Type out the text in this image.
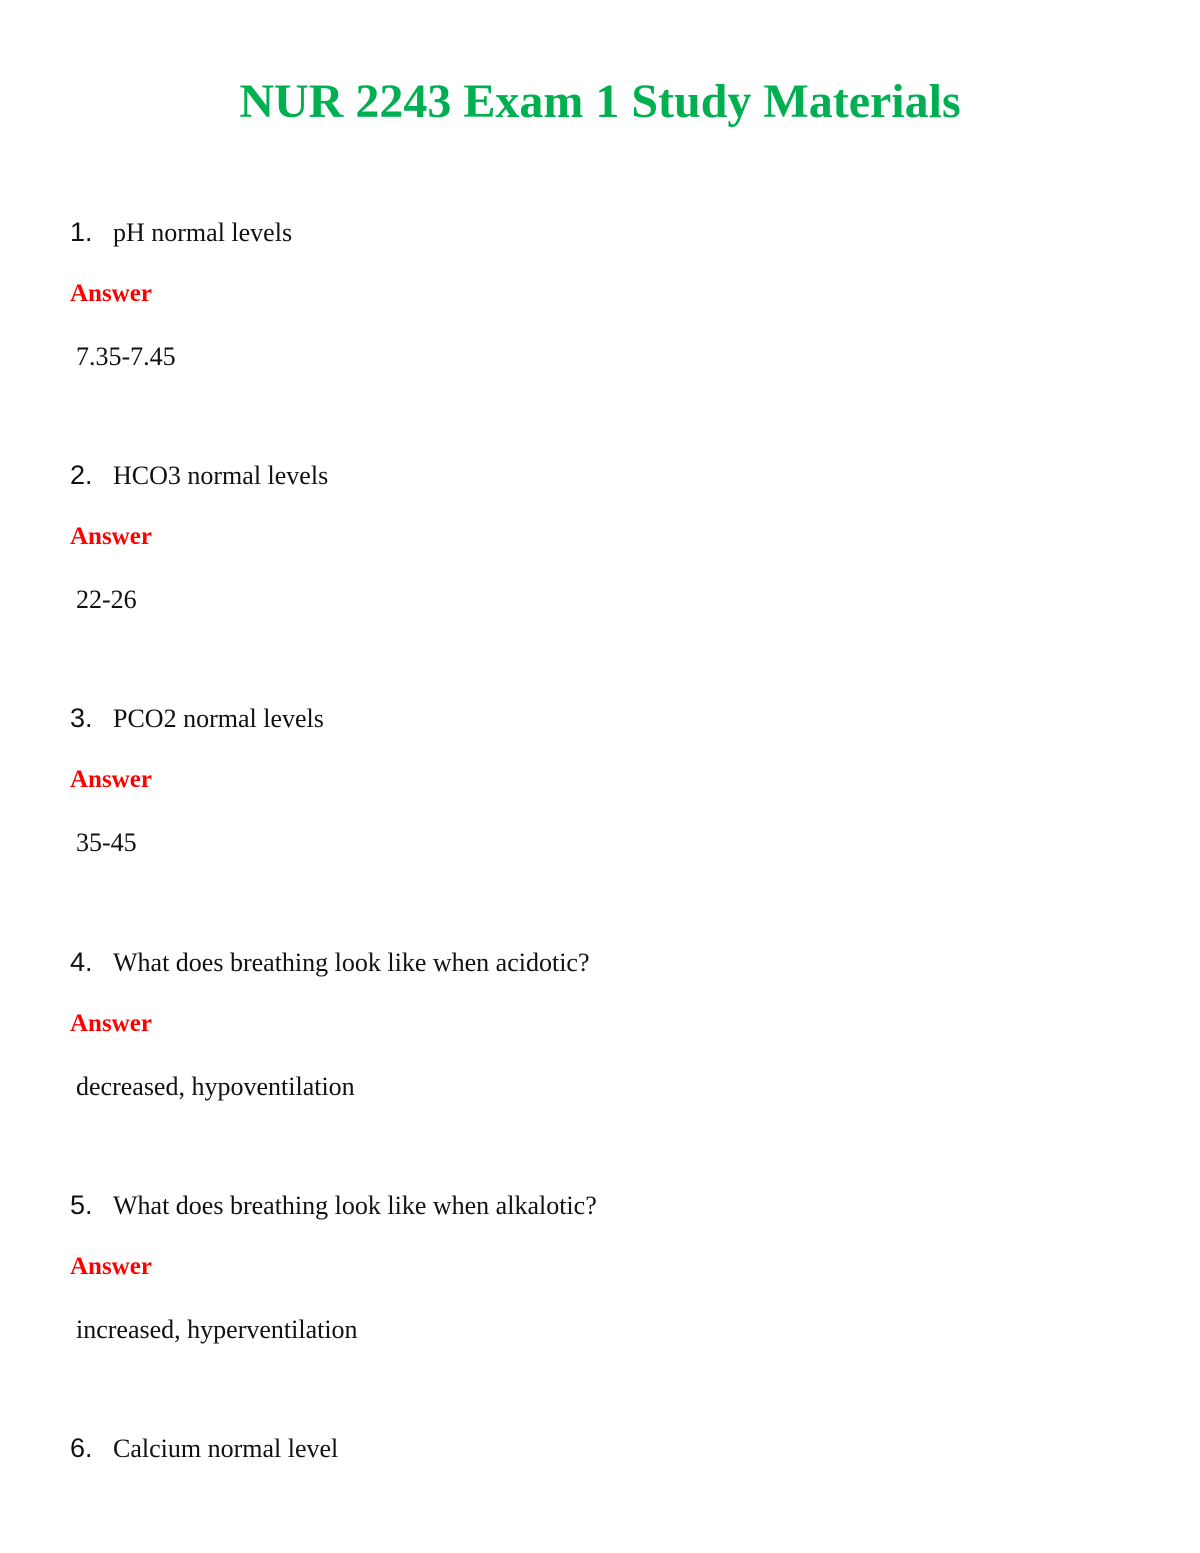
NUR 2243 Exam 1 Study Materials
1. pH normal levels
Answer
7.35-7.45
2. HCO3 normal levels
Answer
22-26
3. PCO2 normal levels
Answer
35-45
4. What does breathing look like when acidotic?
Answer
decreased, hypoventilation
5. What does breathing look like when alkalotic?
Answer
increased, hyperventilation
6. Calcium normal level
